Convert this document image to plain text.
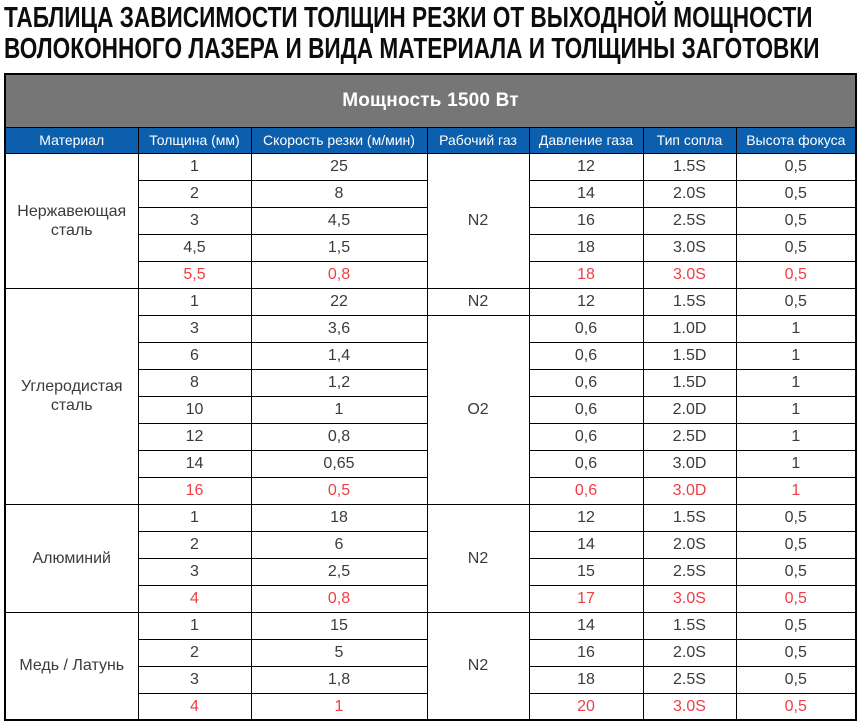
ТАБЛИЦА ЗАВИСИМОСТИ ТОЛЩИН РЕЗКИ ОТ ВЫХОДНОЙ МОЩНОСТИ
ВОЛОКОННОГО ЛАЗЕРА И ВИДА МАТЕРИАЛА И ТОЛЩИНЫ ЗАГОТОВКИ
Мощность 1500 Вт						
Материал	Толщина (мм)	Скорость резки (м/мин)	Рабочий газ	Давление газа	Тип сопла	Высота фокуса
Нержавеющая сталь	1	25	N2	12	1.5S	0,5
	2	8		14	2.0S	0,5
	3	4,5		16	2.5S	0,5
	4,5	1,5		18	3.0S	0,5
	5,5	0,8		18	3.0S	0,5
Углеродистая сталь	1	22	N2	12	1.5S	0,5
	3	3,6	O2	0,6	1.0D	1
	6	1,4		0,6	1.5D	1
	8	1,2		0,6	1.5D	1
	10	1		0,6	2.0D	1
	12	0,8		0,6	2.5D	1
	14	0,65		0,6	3.0D	1
	16	0,5		0,6	3.0D	1
Алюминий	1	18	N2	12	1.5S	0,5
	2	6		14	2.0S	0,5
	3	2,5		15	2.5S	0,5
	4	0,8		17	3.0S	0,5
Медь / Латунь	1	15	N2	14	1.5S	0,5
	2	5		16	2.0S	0,5
	3	1,8		18	2.5S	0,5
	4	1		20	3.0S	0,5
